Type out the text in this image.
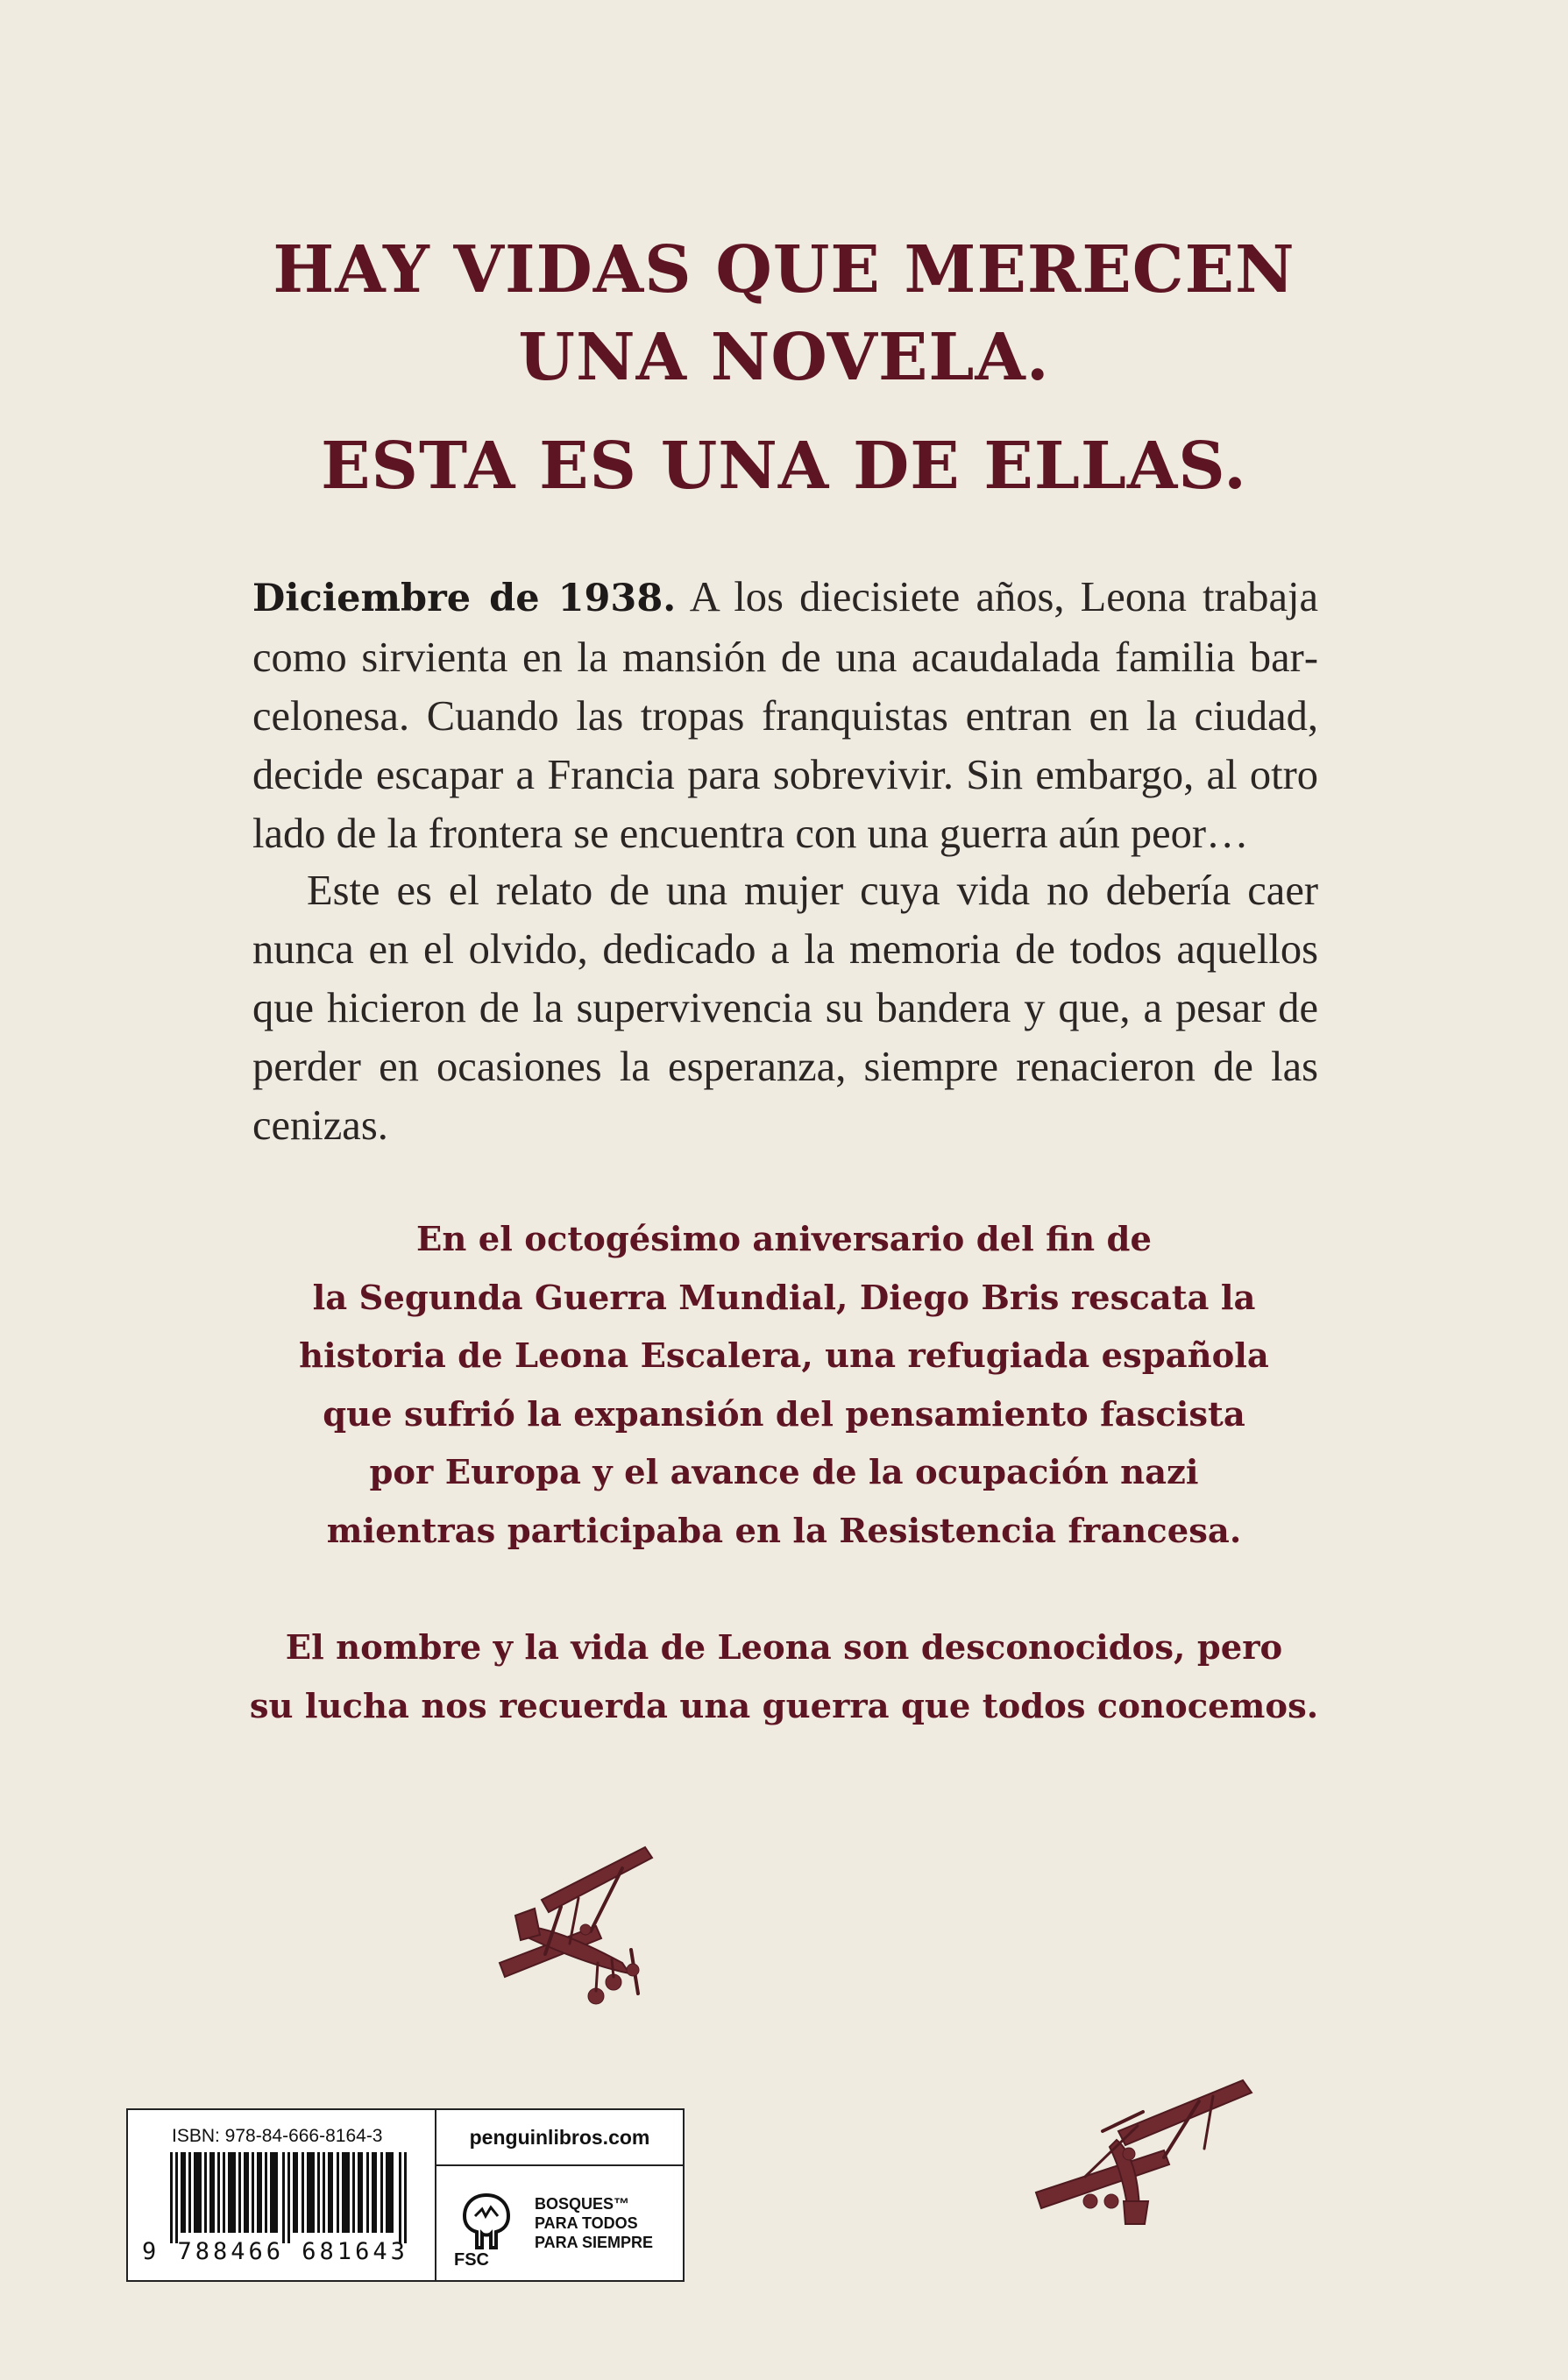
HAY VIDAS QUE MERECEN
UNA NOVELA.
ESTA ES UNA DE ELLAS.

Diciembre de 1938. A los diecisiete años, Leona trabaja como sirvienta en la mansión de una acaudalada familia barcelonesa. Cuando las tropas franquistas entran en la ciudad, decide escapar a Francia para sobrevivir. Sin embargo, al otro lado de la frontera se encuentra con una guerra aún peor…

Este es el relato de una mujer cuya vida no debería caer nunca en el olvido, dedicado a la memoria de todos aquellos que hicieron de la supervivencia su bandera y que, a pesar de perder en ocasiones la esperanza, siempre renacieron de las cenizas.

En el octogésimo aniversario del fin de
la Segunda Guerra Mundial, Diego Bris rescata la
historia de Leona Escalera, una refugiada española
que sufrió la expansión del pensamiento fascista
por Europa y el avance de la ocupación nazi
mientras participaba en la Resistencia francesa.

El nombre y la vida de Leona son desconocidos, pero
su lucha nos recuerda una guerra que todos conocemos.

ISBN: 978-84-666-8164-3
9 788466 681643
penguinlibros.com
FSC
BOSQUES™
PARA TODOS
PARA SIEMPRE
